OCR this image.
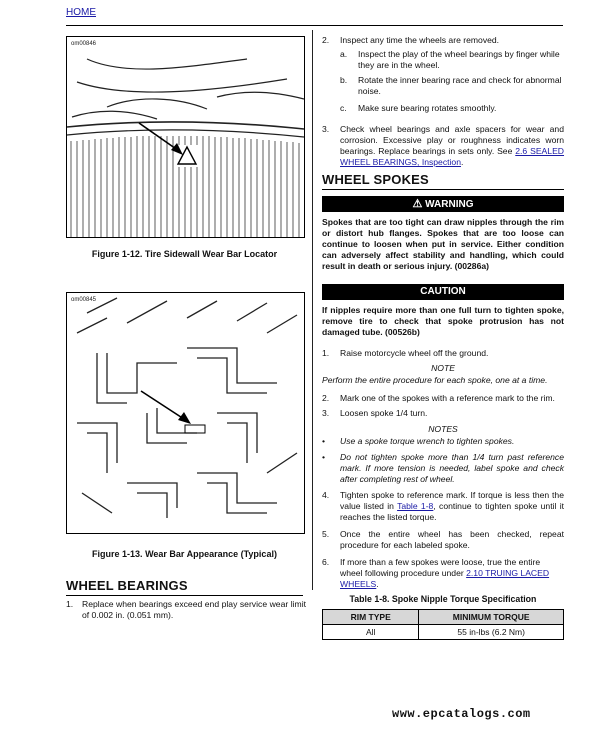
HOME
om00846
Figure 1-12. Tire Sidewall Wear Bar Locator
om00845
Figure 1-13. Wear Bar Appearance (Typical)
WHEEL BEARINGS
1. Replace when bearings exceed end play service wear limit of 0.002 in. (0.051 mm).
2. Inspect any time the wheels are removed.
a. Inspect the play of the wheel bearings by finger while they are in the wheel.
b. Rotate the inner bearing race and check for abnormal noise.
c. Make sure bearing rotates smoothly.
3. Check wheel bearings and axle spacers for wear and corrosion. Excessive play or roughness indicates worn bearings. Replace bearings in sets only. See 2.6 SEALED WHEEL BEARINGS, Inspection.
WHEEL SPOKES
⚠ WARNING
Spokes that are too tight can draw nipples through the rim or distort hub flanges. Spokes that are too loose can continue to loosen when put in service. Either condition can adversely affect stability and handling, which could result in death or serious injury. (00286a)
CAUTION
If nipples require more than one full turn to tighten spoke, remove tire to check that spoke protrusion has not damaged tube. (00526b)
1. Raise motorcycle wheel off the ground.
NOTE
Perform the entire procedure for each spoke, one at a time.
2. Mark one of the spokes with a reference mark to the rim.
3. Loosen spoke 1/4 turn.
NOTES
• Use a spoke torque wrench to tighten spokes.
• Do not tighten spoke more than 1/4 turn past reference mark. If more tension is needed, label spoke and check after completing rest of wheel.
4. Tighten spoke to reference mark. If torque is less then the value listed in Table 1-8, continue to tighten spoke until it reaches the listed torque.
5. Once the entire wheel has been checked, repeat procedure for each labeled spoke.
6. If more than a few spokes were loose, true the entire wheel following procedure under 2.10 TRUING LACED WHEELS.
Table 1-8. Spoke Nipple Torque Specification
RIM TYPE	MINIMUM TORQUE
All	55 in-lbs (6.2 Nm)
www.epcatalogs.com
